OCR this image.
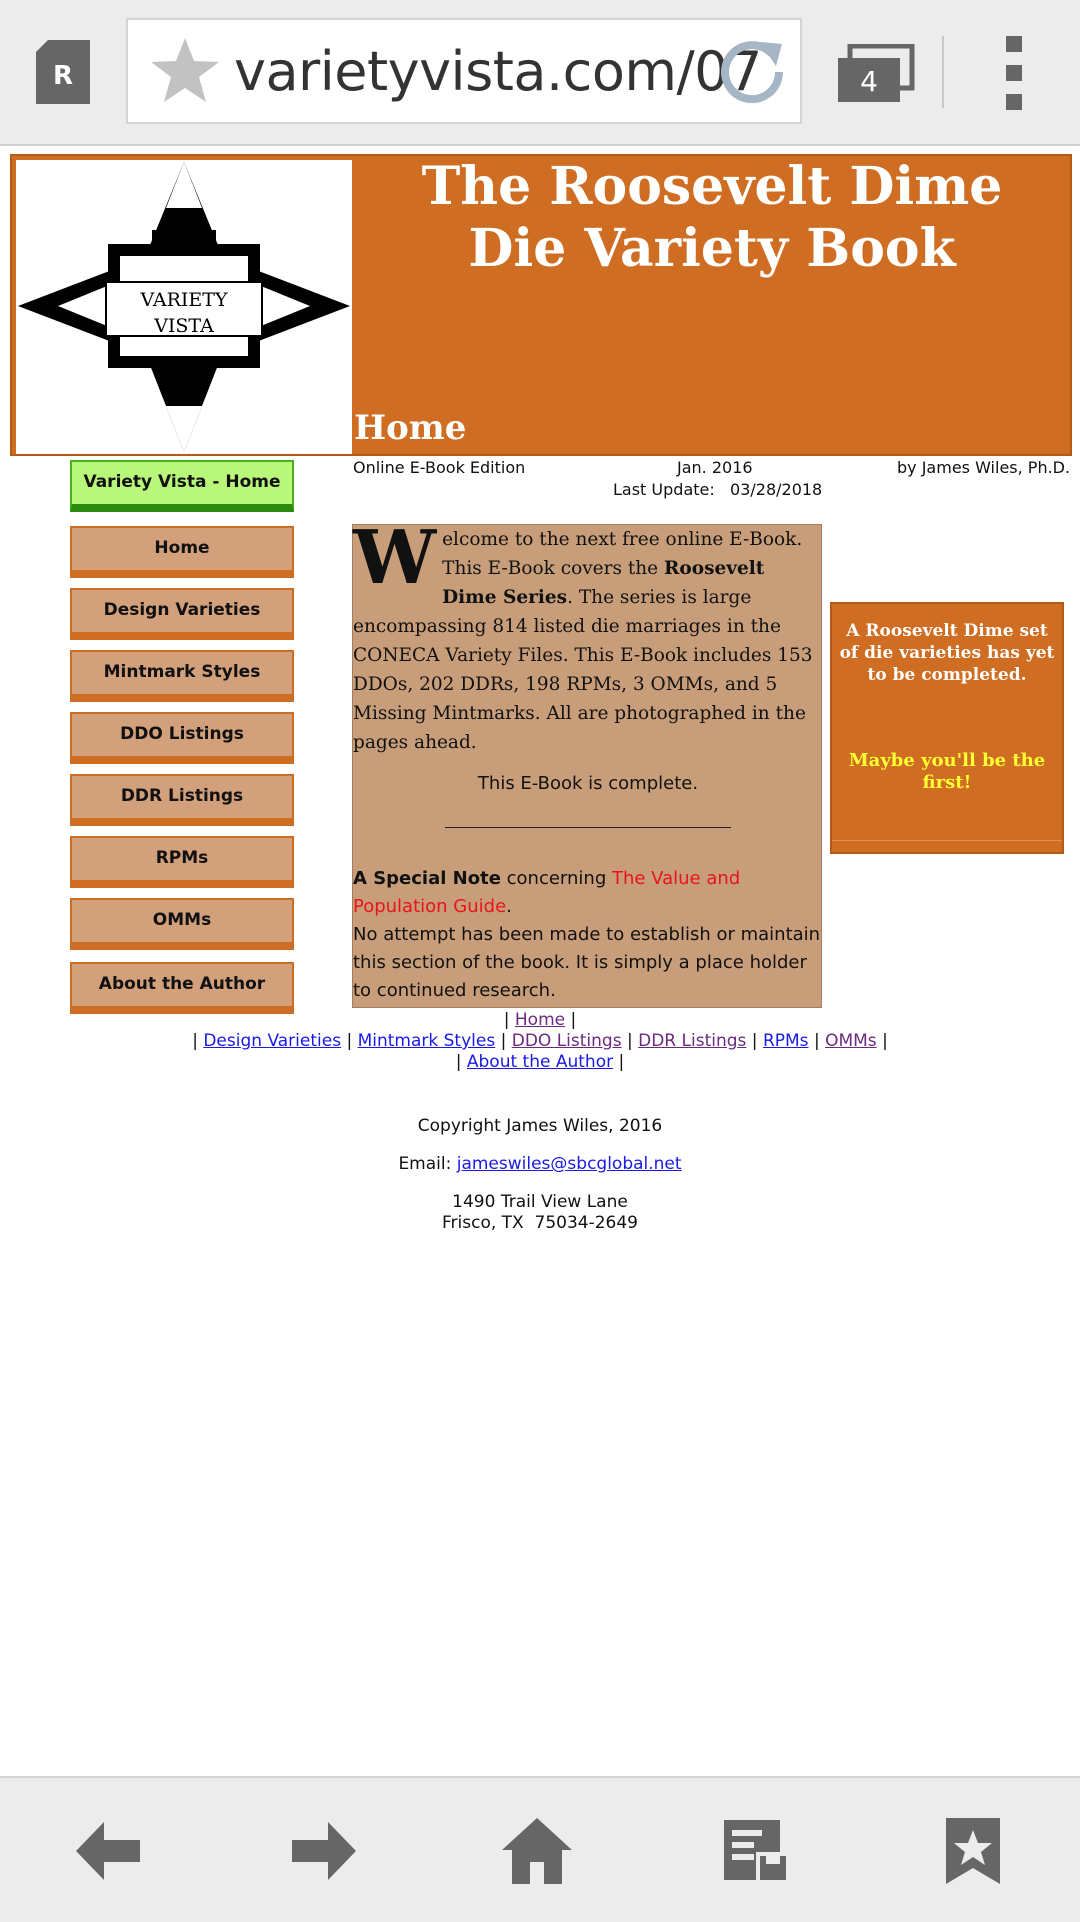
R	varietyvista.com/07	4
VARIETY
VISTA
The Roosevelt Dime
Die Variety Book
Home
Variety Vista - Home
Home
Design Varieties
Mintmark Styles
DDO Listings
DDR Listings
RPMs
OMMs
About the Author
Online E-Book Edition	Jan. 2016	by James Wiles, Ph.D.
Last Update:   03/28/2018
Welcome to the next free online E-Book. This E-Book covers the Roosevelt Dime Series. The series is large encompassing 814 listed die marriages in the CONECA Variety Files. This E-Book includes 153 DDOs, 202 DDRs, 198 RPMs, 3 OMMs, and 5 Missing Mintmarks. All are photographed in the pages ahead.
This E-Book is complete.
A Special Note concerning The Value and Population Guide.
No attempt has been made to establish or maintain this section of the book. It is simply a place holder to continued research.
A Roosevelt Dime set of die varieties has yet to be completed.
Maybe you'll be the first!
| Home |
| Design Varieties | Mintmark Styles | DDO Listings | DDR Listings | RPMs | OMMs |
| About the Author |
Copyright James Wiles, 2016
Email: jameswiles@sbcglobal.net
1490 Trail View Lane
Frisco, TX  75034-2649
